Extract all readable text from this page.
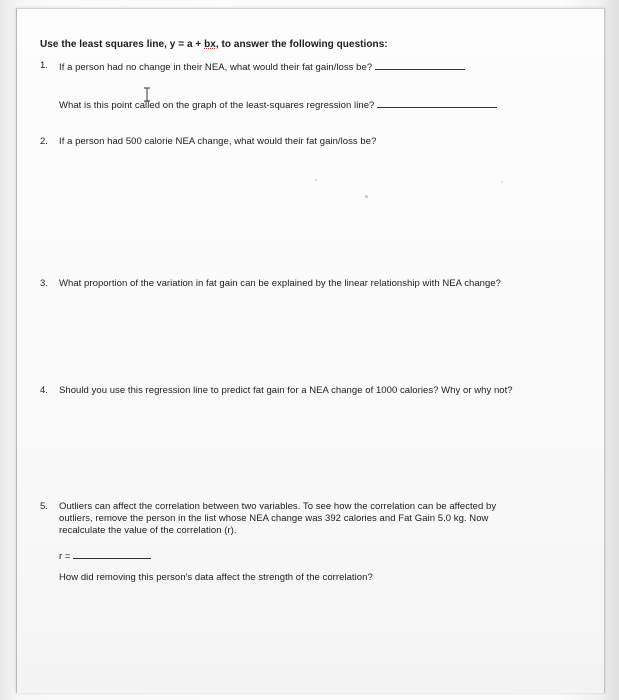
Use the least squares line, y = a + bx, to answer the following questions:
1. If a person had no change in their NEA, what would their fat gain/loss be?
What is this point called on the graph of the least-squares regression line?
2. If a person had 500 calorie NEA change, what would their fat gain/loss be?
3. What proportion of the variation in fat gain can be explained by the linear relationship with NEA change?
4. Should you use this regression line to predict fat gain for a NEA change of 1000 calories? Why or why not?
5. Outliers can affect the correlation between two variables. To see how the correlation can be affected by
outliers, remove the person in the list whose NEA change was 392 calories and Fat Gain 5.0 kg. Now
recalculate the value of the correlation (r).
r =
How did removing this person's data affect the strength of the correlation?
